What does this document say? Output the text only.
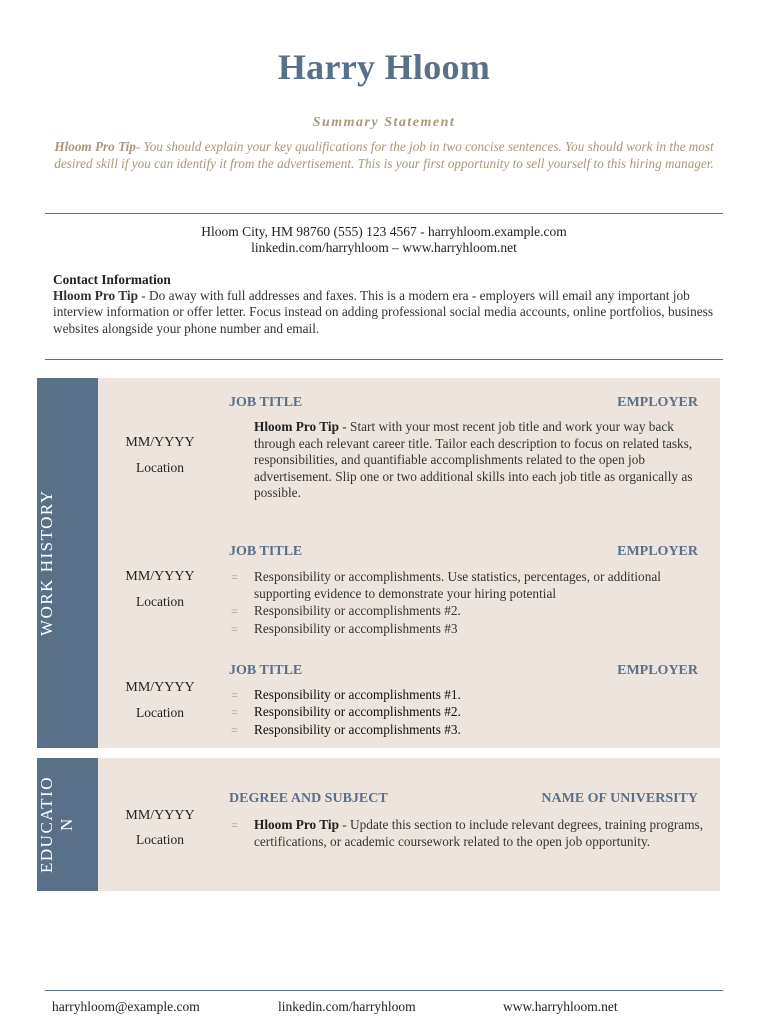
Harry Hloom
Summary Statement
Hloom Pro Tip- You should explain your key qualifications for the job in two concise sentences. You should work in the most desired skill if you can identify it from the advertisement. This is your first opportunity to sell yourself to this hiring manager.
Hloom City, HM 98760 (555) 123 4567 - harryhloom.example.com
linkedin.com/harryhloom – www.harryhloom.net
Contact Information
Hloom Pro Tip - Do away with full addresses and faxes. This is a modern era - employers will email any important job interview information or offer letter. Focus instead on adding professional social media accounts, online portfolios, business websites alongside your phone number and email.
WORK HISTORY
JOB TITLE	EMPLOYER
MM/YYYY
Location
Hloom Pro Tip - Start with your most recent job title and work your way back through each relevant career title. Tailor each description to focus on related tasks, responsibilities, and quantifiable accomplishments related to the open job advertisement. Slip one or two additional skills into each job title as organically as possible.
JOB TITLE	EMPLOYER
MM/YYYY
Location
= Responsibility or accomplishments. Use statistics, percentages, or additional supporting evidence to demonstrate your hiring potential
= Responsibility or accomplishments #2.
= Responsibility or accomplishments #3
JOB TITLE	EMPLOYER
MM/YYYY
Location
= Responsibility or accomplishments #1.
= Responsibility or accomplishments #2.
= Responsibility or accomplishments #3.
EDUCATIO
N
DEGREE AND SUBJECT	NAME OF UNIVERSITY
MM/YYYY
Location
= Hloom Pro Tip - Update this section to include relevant degrees, training programs, certifications, or academic coursework related to the open job opportunity.
harryhloom@example.com	linkedin.com/harryhloom	www.harryhloom.net
